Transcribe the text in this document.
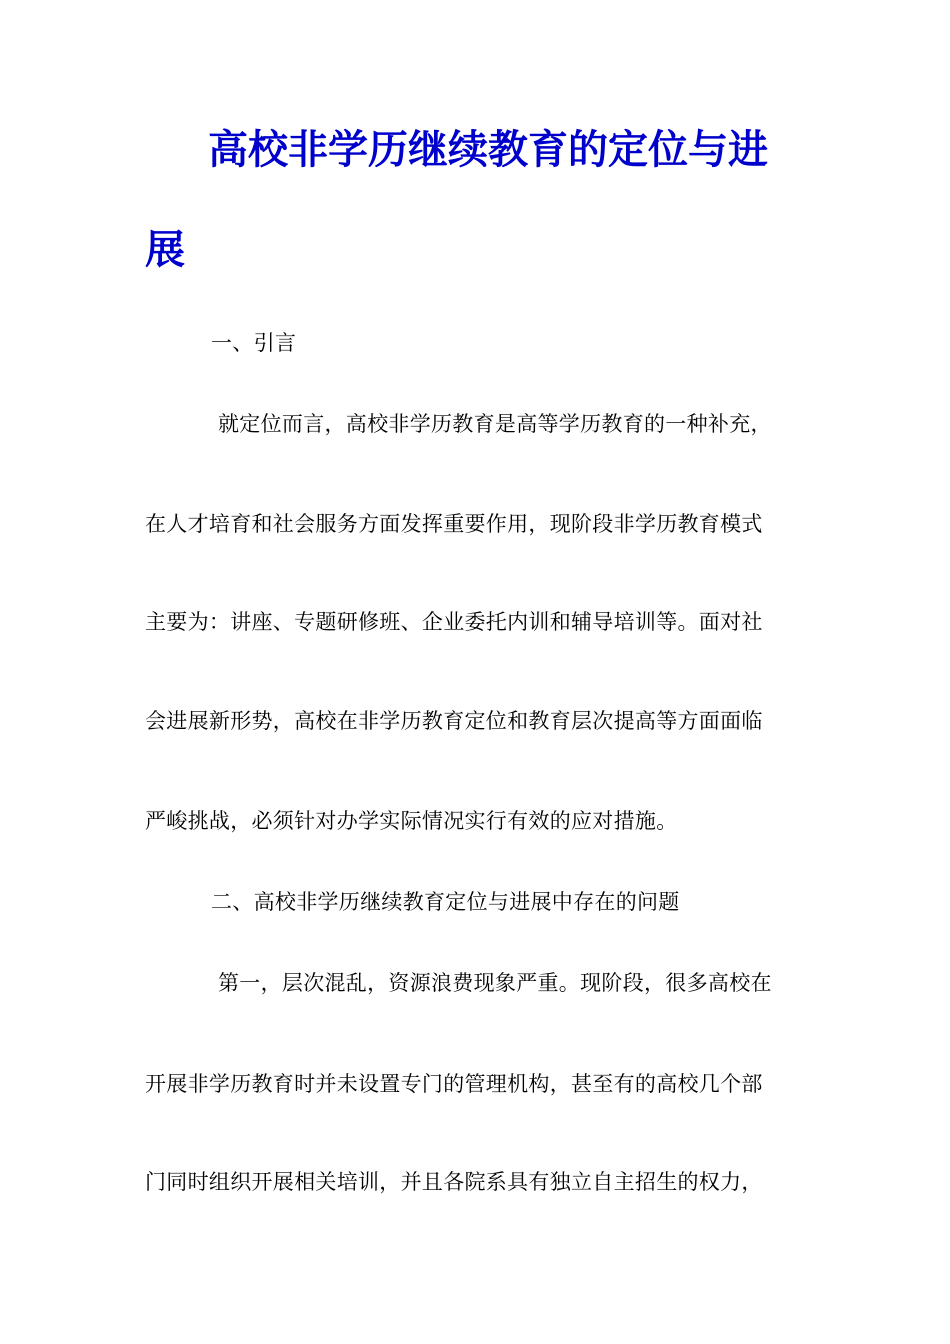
高校非学历继续教育的定位与进
展

一、引言

就定位而言，高校非学历教育是高等学历教育的一种补充，

在人才培育和社会服务方面发挥重要作用，现阶段非学历教育模式

主要为：讲座、专题研修班、企业委托内训和辅导培训等。面对社

会进展新形势，高校在非学历教育定位和教育层次提高等方面面临

严峻挑战，必须针对办学实际情况实行有效的应对措施。

二、高校非学历继续教育定位与进展中存在的问题

第一，层次混乱，资源浪费现象严重。现阶段，很多高校在

开展非学历教育时并未设置专门的管理机构，甚至有的高校几个部

门同时组织开展相关培训，并且各院系具有独立自主招生的权力，
